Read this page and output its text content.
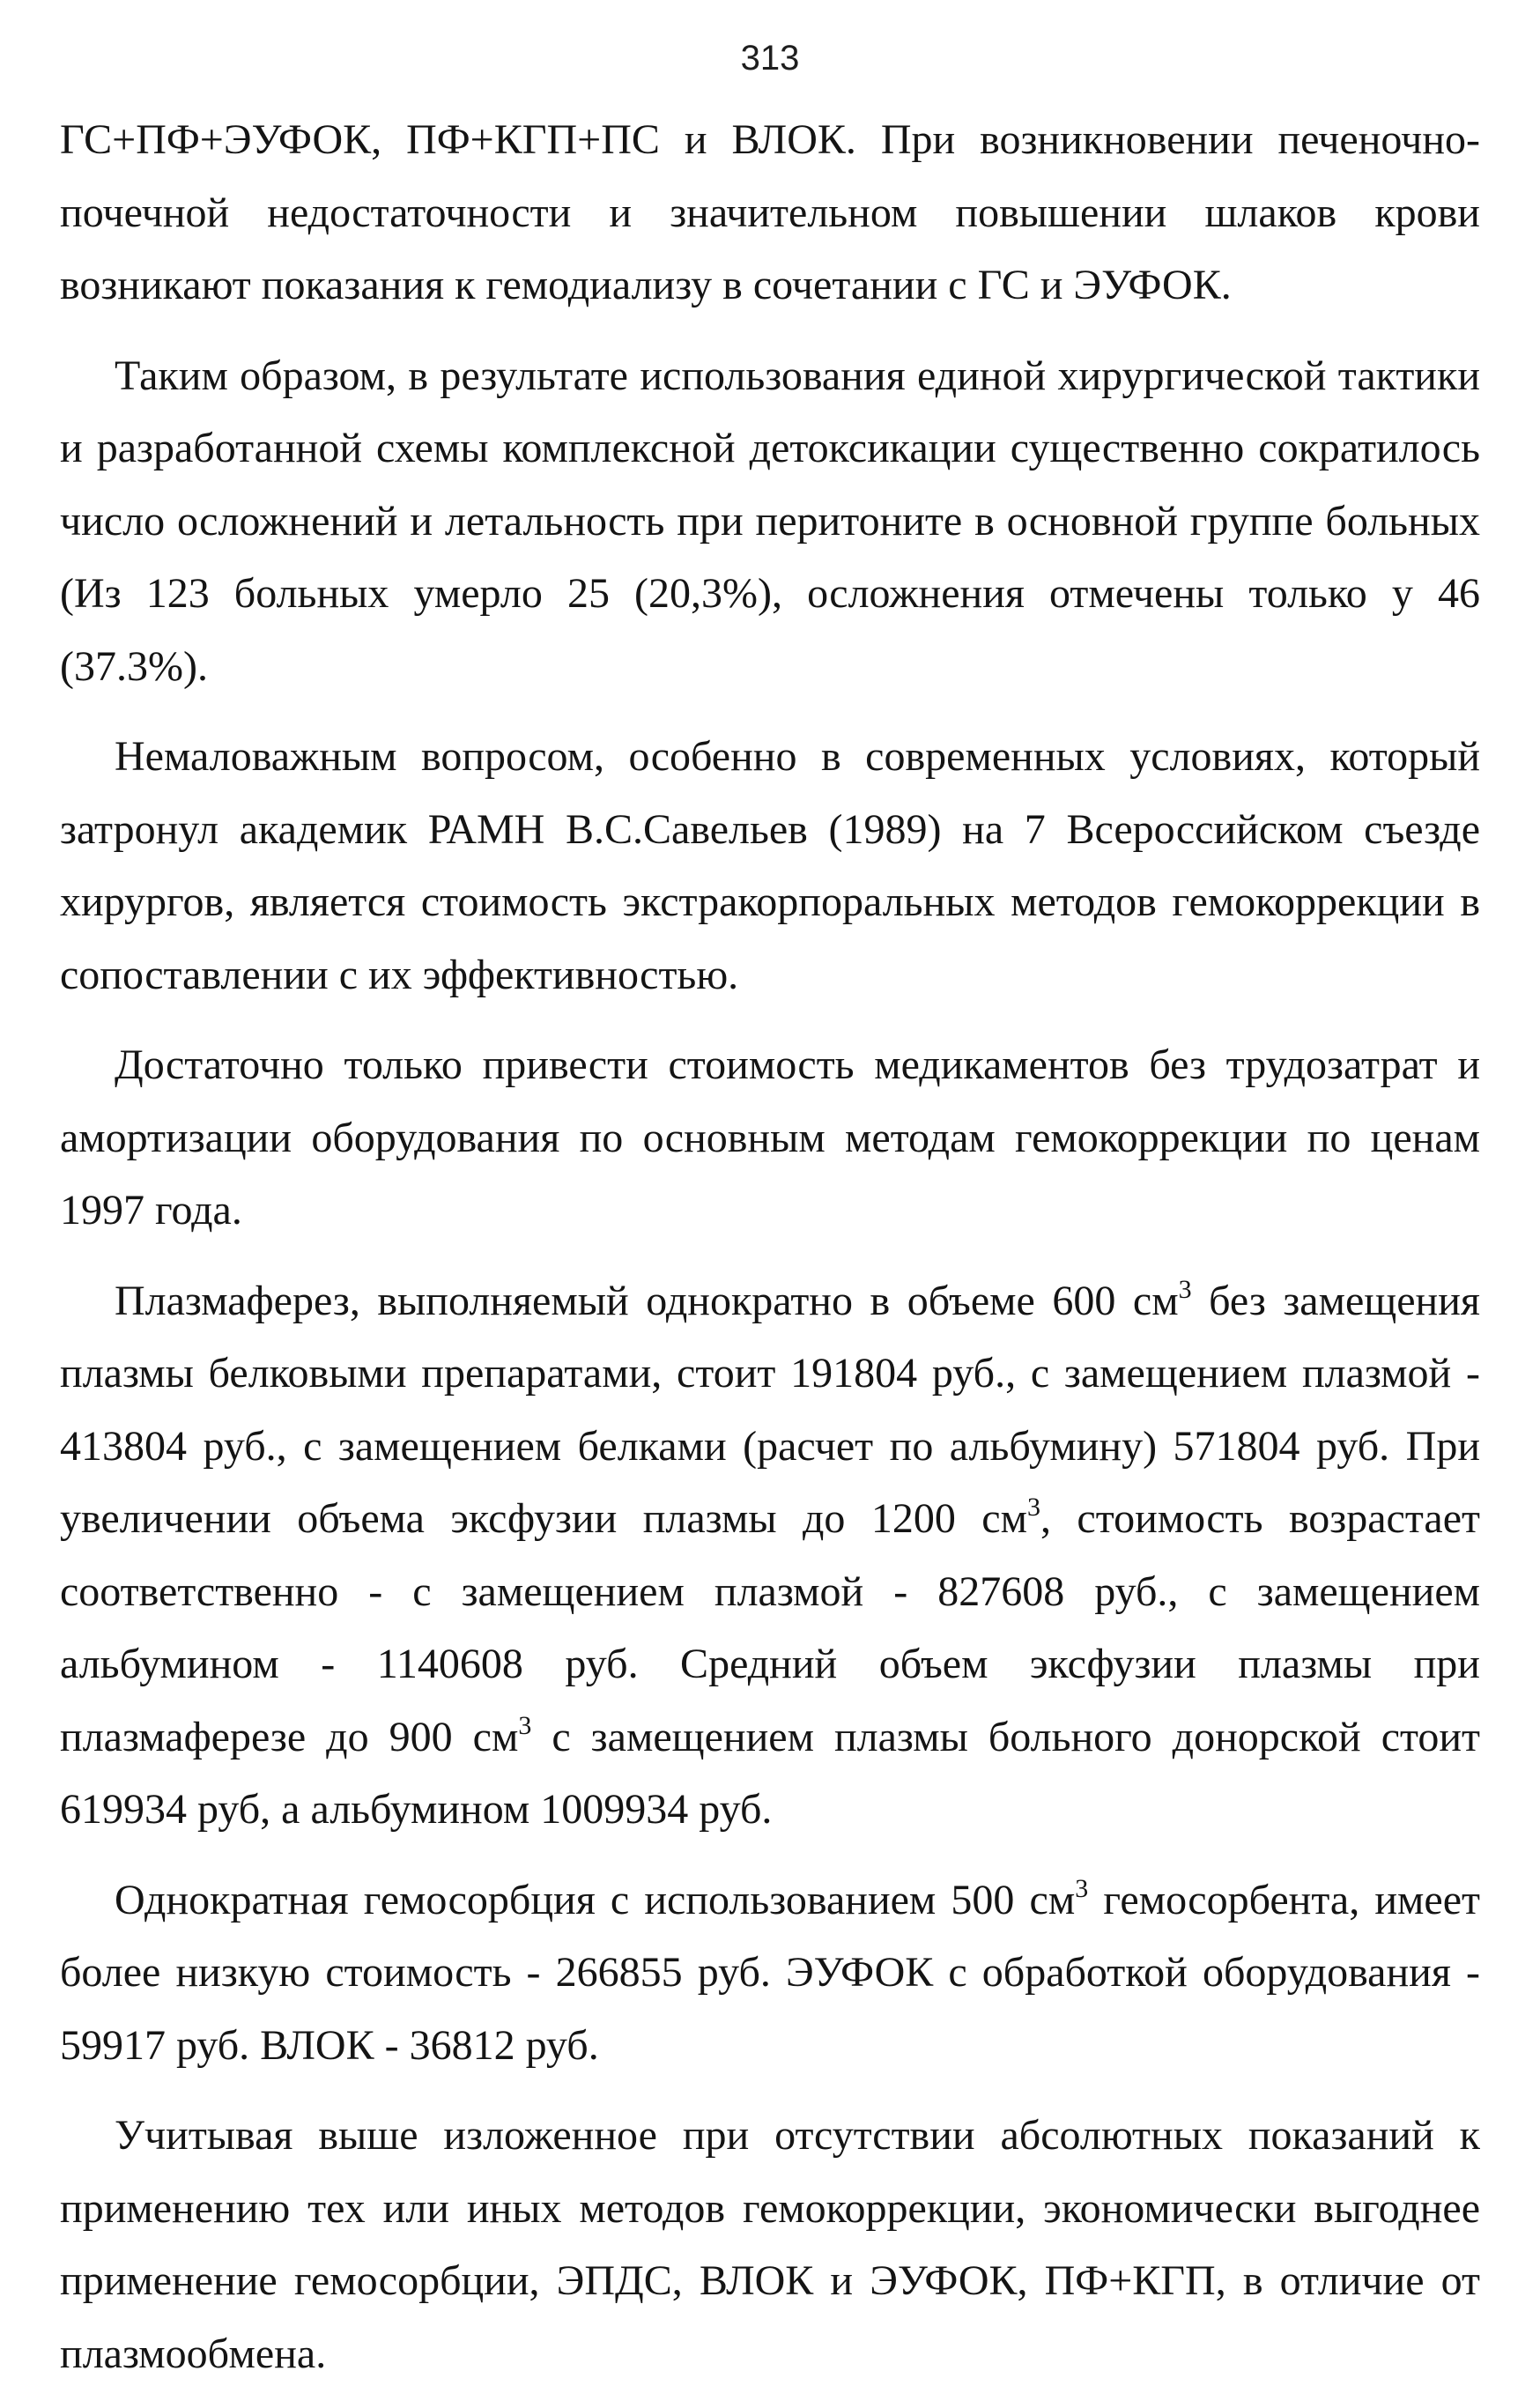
313

ГС+ПФ+ЭУФОК, ПФ+КГП+ПС и ВЛОК. При возникновении печеночно-почечной недостаточности и значительном повышении шлаков крови возникают показания к гемодиализу в сочетании с ГС и ЭУФОК.

Таким образом, в результате использования единой хирургической тактики и разработанной схемы комплексной детоксикации существенно сократилось число осложнений и летальность при перитоните в основной группе больных (Из 123 больных умерло 25 (20,3%), осложнения отмечены только у 46 (37.3%).

Немаловажным вопросом, особенно в современных условиях, который затронул академик РАМН В.С.Савельев (1989) на 7 Всероссийском съезде хирургов, является стоимость экстракорпоральных методов гемокоррекции в сопоставлении с их эффективностью.

Достаточно только привести стоимость медикаментов без трудозатрат и амортизации оборудования по основным методам гемокоррекции по ценам 1997 года.

Плазмаферез, выполняемый однократно в объеме 600 $см^3$ без замещения плазмы белковыми препаратами, стоит 191804 руб., с замещением плазмой - 413804 руб., с замещением белками (расчет по альбумину) 571804 руб. При увеличении объема эксфузии плазмы до 1200 $см^3$, стоимость возрастает соответственно - с замещением плазмой - 827608 руб., с замещением альбумином - 1140608 руб. Средний объем эксфузии плазмы при плазмаферезе до 900 $см^3$ с замещением плазмы больного донорской стоит 619934 руб, а альбумином 1009934 руб.

Однократная гемосорбция с использованием 500 $см^3$ гемосорбента, имеет более низкую стоимость - 266855 руб. ЭУФОК с обработкой оборудования - 59917 руб. ВЛОК - 36812 руб.

Учитывая выше изложенное при отсутствии абсолютных показаний к применению тех или иных методов гемокоррекции, экономически выгоднее применение гемосорбции, ЭПДС, ВЛОК и ЭУФОК, ПФ+КГП, в отличие от плазмообмена.
